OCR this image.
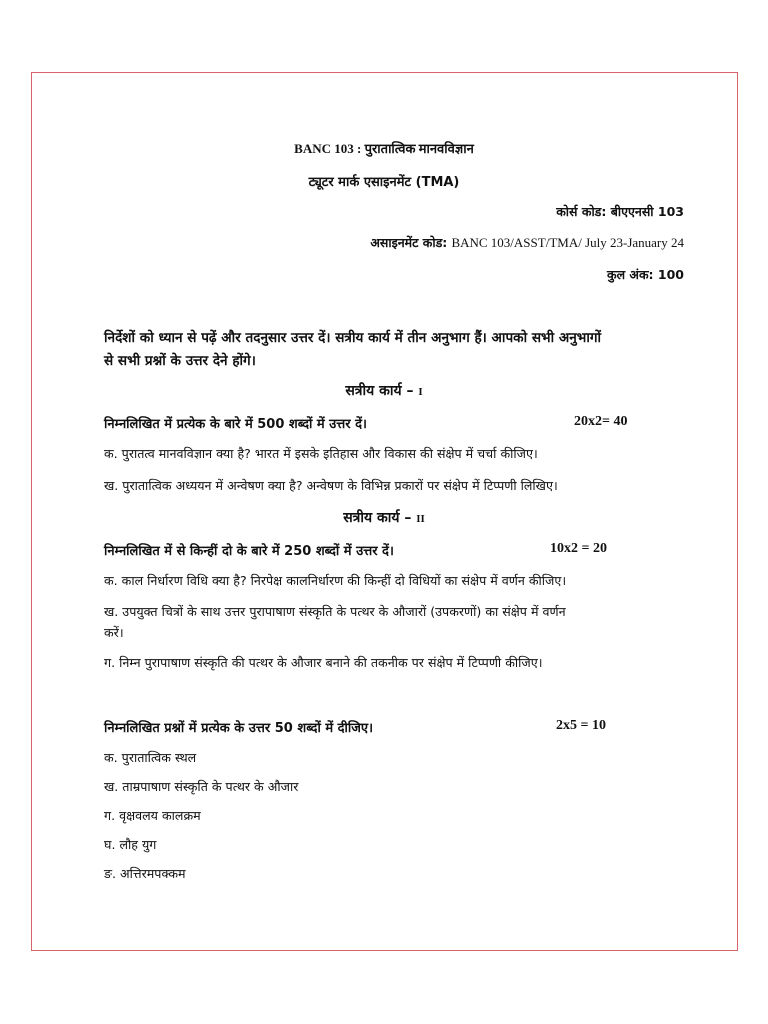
BANC 103 : पुरातात्विक मानवविज्ञान
ट्यूटर मार्क एसाइनमेंट (TMA)
कोर्स कोड: बीएएनसी 103
असाइनमेंट कोड: BANC 103/ASST/TMA/ July 23-January 24
कुल अंक: 100
निर्देशों को ध्यान से पढ़ें और तदनुसार उत्तर दें। सत्रीय कार्य में तीन अनुभाग हैं। आपको सभी अनुभागों
से सभी प्रश्नों के उत्तर देने होंगे।
सत्रीय कार्य – I
निम्नलिखित में प्रत्येक के बारे में 500 शब्दों में उत्तर दें।	20x2= 40
क. पुरातत्व मानवविज्ञान क्या है? भारत में इसके इतिहास और विकास की संक्षेप में चर्चा कीजिए।
ख. पुरातात्विक अध्ययन में अन्वेषण क्या है? अन्वेषण के विभिन्न प्रकारों पर संक्षेप में टिप्पणी लिखिए।
सत्रीय कार्य – II
निम्नलिखित में से किन्हीं दो के बारे में 250 शब्दों में उत्तर दें।	10x2 = 20
क. काल निर्धारण विधि क्या है? निरपेक्ष कालनिर्धारण की किन्हीं दो विधियों का संक्षेप में वर्णन कीजिए।
ख. उपयुक्त चित्रों के साथ उत्तर पुरापाषाण संस्कृति के पत्थर के औजारों (उपकरणों) का संक्षेप में वर्णन
करें।
ग. निम्न पुरापाषाण संस्कृति की पत्थर के औजार बनाने की तकनीक पर संक्षेप में टिप्पणी कीजिए।
निम्नलिखित प्रश्नों में प्रत्येक के उत्तर 50 शब्दों में दीजिए।	2x5 = 10
क. पुरातात्विक स्थल
ख. ताम्रपाषाण संस्कृति के पत्थर के औजार
ग. वृक्षवलय कालक्रम
घ. लौह युग
ङ. अत्तिरमपक्कम
